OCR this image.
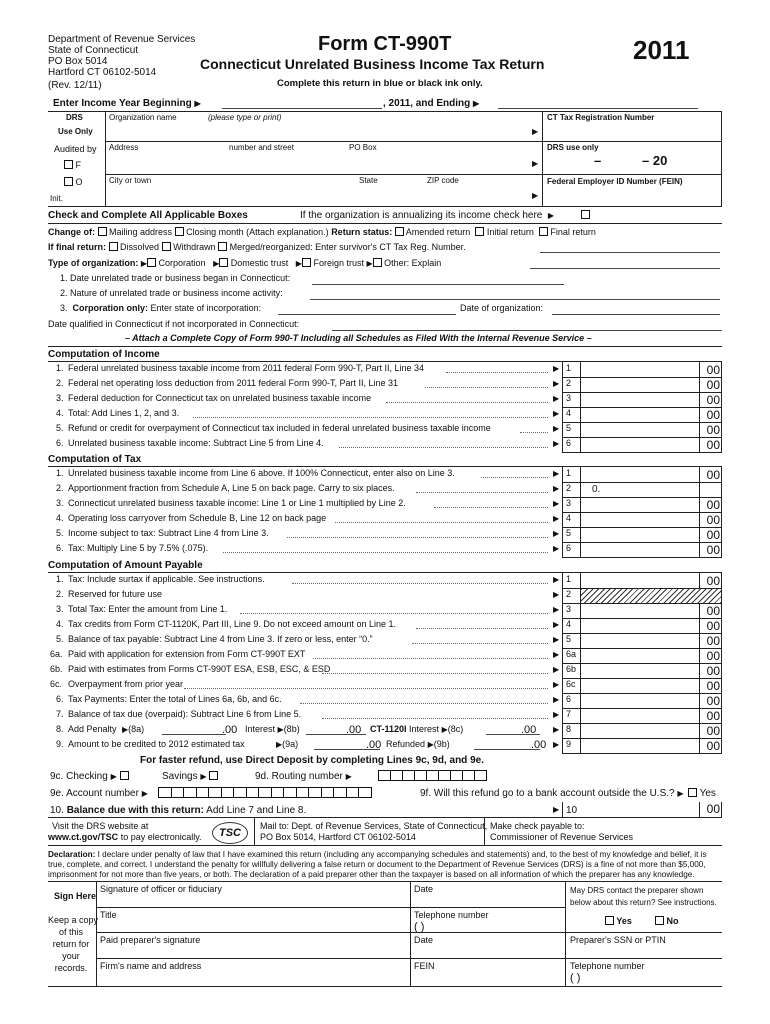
Department of Revenue Services
State of Connecticut
PO Box 5014
Hartford CT 06102-5014
(Rev. 12/11)
Form CT-990T
Connecticut Unrelated Business Income Tax Return
Complete this return in blue or black ink only.
2011
Enter Income Year Beginning ▶	, 2011, and Ending ▶
DRS
Use Only
Audited by
F
O
Init.
Organization name	(please type or print)
Address	number and street	PO Box
City or town	State	ZIP code
▶
▶
▶
CT Tax Registration Number
DRS use only
–	– 20
Federal Employer ID Number (FEIN)
Check and Complete All Applicable Boxes	If the organization is annualizing its income check here ▶
Change of: Mailing address Closing month (Attach explanation.) Return status: Amended return Initial return Final return
If final return: Dissolved Withdrawn Merged/reorganized: Enter survivor's CT Tax Reg. Number.
Type of organization: ▶ Corporation ▶ Domestic trust ▶ Foreign trust ▶ Other: Explain
1. Date unrelated trade or business began in Connecticut:
2. Nature of unrelated trade or business income activity:
3. Corporation only: Enter state of incorporation:	Date of organization:
Date qualified in Connecticut if not incorporated in Connecticut:
– Attach a Complete Copy of Form 990-T Including all Schedules as Filed With the Internal Revenue Service –
Computation of Income
1. Federal unrelated business taxable income from 2011 federal Form 990-T, Part II, Line 34	▶ 1	00
2. Federal net operating loss deduction from 2011 federal Form 990-T, Part II, Line 31	▶ 2	00
3. Federal deduction for Connecticut tax on unrelated business taxable income	▶ 3	00
4. Total: Add Lines 1, 2, and 3.	▶ 4	00
5. Refund or credit for overpayment of Connecticut tax included in federal unrelated business taxable income	▶ 5	00
6. Unrelated business taxable income: Subtract Line 5 from Line 4.	▶ 6	00
Computation of Tax
1. Unrelated business taxable income from Line 6 above. If 100% Connecticut, enter also on Line 3.	▶ 1	00
2. Apportionment fraction from Schedule A, Line 5 on back page. Carry to six places.	▶ 2 0.
3. Connecticut unrelated business taxable income: Line 1 or Line 1 multiplied by Line 2.	▶ 3	00
4. Operating loss carryover from Schedule B, Line 12 on back page	▶ 4	00
5. Income subject to tax: Subtract Line 4 from Line 3.	▶ 5	00
6. Tax: Multiply Line 5 by 7.5% (.075).	▶ 6	00
Computation of Amount Payable
1. Tax: Include surtax if applicable. See instructions.	▶ 1	00
2. Reserved for future use	▶ 2
3. Total Tax: Enter the amount from Line 1.	▶ 3	00
4. Tax credits from Form CT-1120K, Part III, Line 9. Do not exceed amount on Line 1.	▶ 4	00
5. Balance of tax payable: Subtract Line 4 from Line 3. If zero or less, enter “0.”	▶ 5	00
6a. Paid with application for extension from Form CT-990T EXT	▶ 6a	00
6b. Paid with estimates from Forms CT-990T ESA, ESB, ESC, & ESD	▶ 6b	00
6c. Overpayment from prior year	▶ 6c	00
6. Tax Payments: Enter the total of Lines 6a, 6b, and 6c.	▶ 6	00
7. Balance of tax due (overpaid): Subtract Line 6 from Line 5.	▶ 7	00
8. Add Penalty	▶ 8	00
▶(8a)	.00 Interest ▶(8b)	.00 CT-1120I Interest ▶(8c)	.00
9. Amount to be credited to 2012 estimated tax	▶ 9	00
▶(9a)	.00 Refunded ▶(9b)	.00
For faster refund, use Direct Deposit by completing Lines 9c, 9d, and 9e.
9c. Checking ▶	Savings ▶	9d. Routing number ▶
9e. Account number ▶	9f. Will this refund go to a bank account outside the U.S.? ▶	Yes
10. Balance due with this return: Add Line 7 and Line 8.	▶ 10	00
Visit the DRS website at
www.ct.gov/TSC to pay electronically.	TSC
Mail to: Dept. of Revenue Services, State of Connecticut,
PO Box 5014, Hartford CT 06102-5014
Make check payable to:
Commissioner of Revenue Services
Declaration: I declare under penalty of law that I have examined this return (including any accompanying schedules and statements) and, to the best of my knowledge and belief, it is
true, complete, and correct. I understand the penalty for willfully delivering a false return or document to the Department of Revenue Services (DRS) is a fine of not more than $5,000,
imprisonment for not more than five years, or both. The declaration of a paid preparer other than the taxpayer is based on all information of which the preparer has any knowledge.
Sign Here
Keep a copy
of this
return for
your
records.
Signature of officer or fiduciary	Date	May DRS contact the preparer shown
below about this return? See instructions.
Title	Telephone number
( )	Yes	No
Paid preparer's signature	Date	Preparer's SSN or PTIN
Firm's name and address	FEIN	Telephone number
( )
